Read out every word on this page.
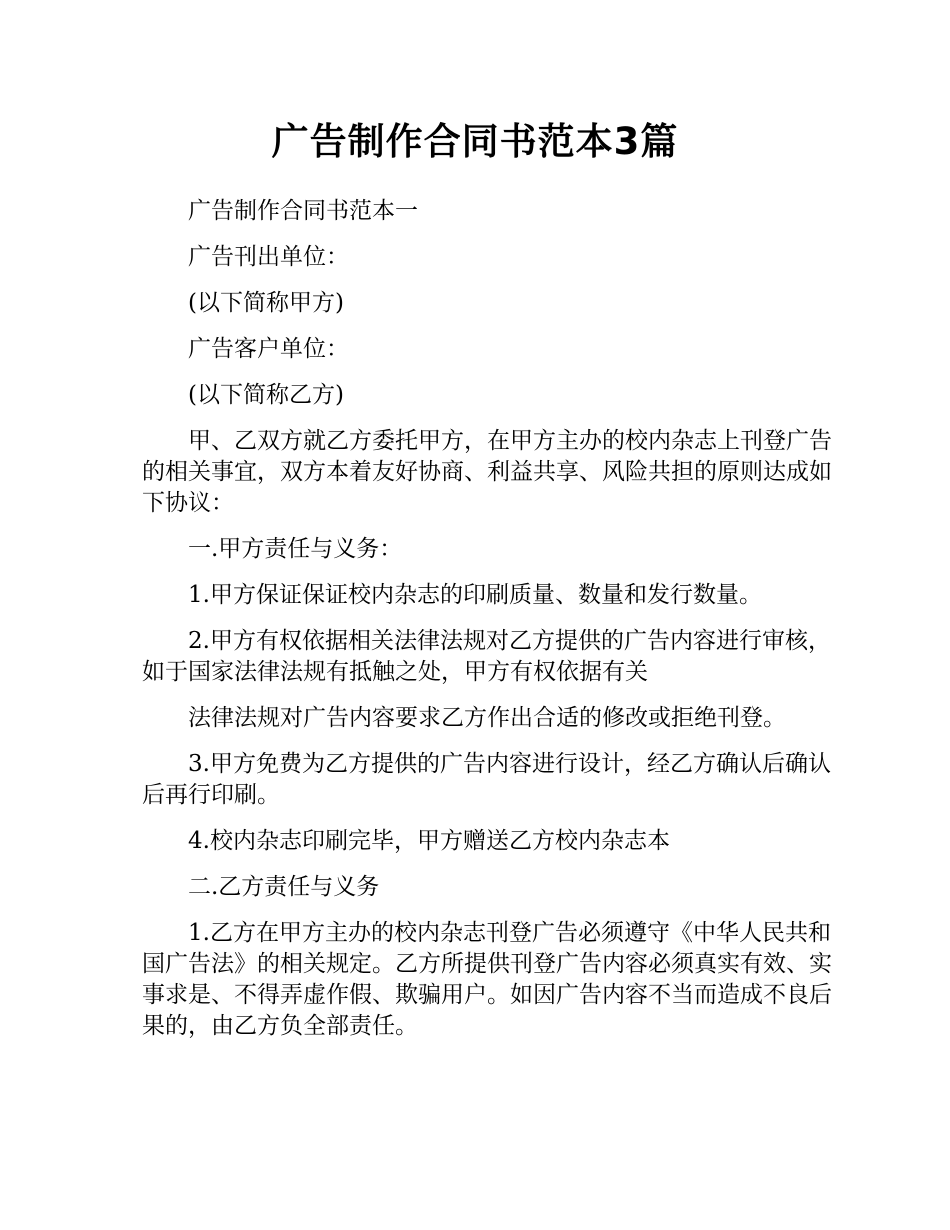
广告制作合同书范本3篇

广告制作合同书范本一

广告刊出单位：

(以下简称甲方)

广告客户单位：

(以下简称乙方)

甲、乙双方就乙方委托甲方，在甲方主办的校内杂志上刊登广告的相关事宜，双方本着友好协商、利益共享、风险共担的原则达成如下协议：

一.甲方责任与义务：

1.甲方保证保证校内杂志的印刷质量、数量和发行数量。

2.甲方有权依据相关法律法规对乙方提供的广告内容进行审核，如于国家法律法规有抵触之处，甲方有权依据有关

法律法规对广告内容要求乙方作出合适的修改或拒绝刊登。

3.甲方免费为乙方提供的广告内容进行设计，经乙方确认后确认后再行印刷。

4.校内杂志印刷完毕，甲方赠送乙方校内杂志本

二.乙方责任与义务

1.乙方在甲方主办的校内杂志刊登广告必须遵守《中华人民共和国广告法》的相关规定。乙方所提供刊登广告内容必须真实有效、实事求是、不得弄虚作假、欺骗用户。如因广告内容不当而造成不良后果的，由乙方负全部责任。
